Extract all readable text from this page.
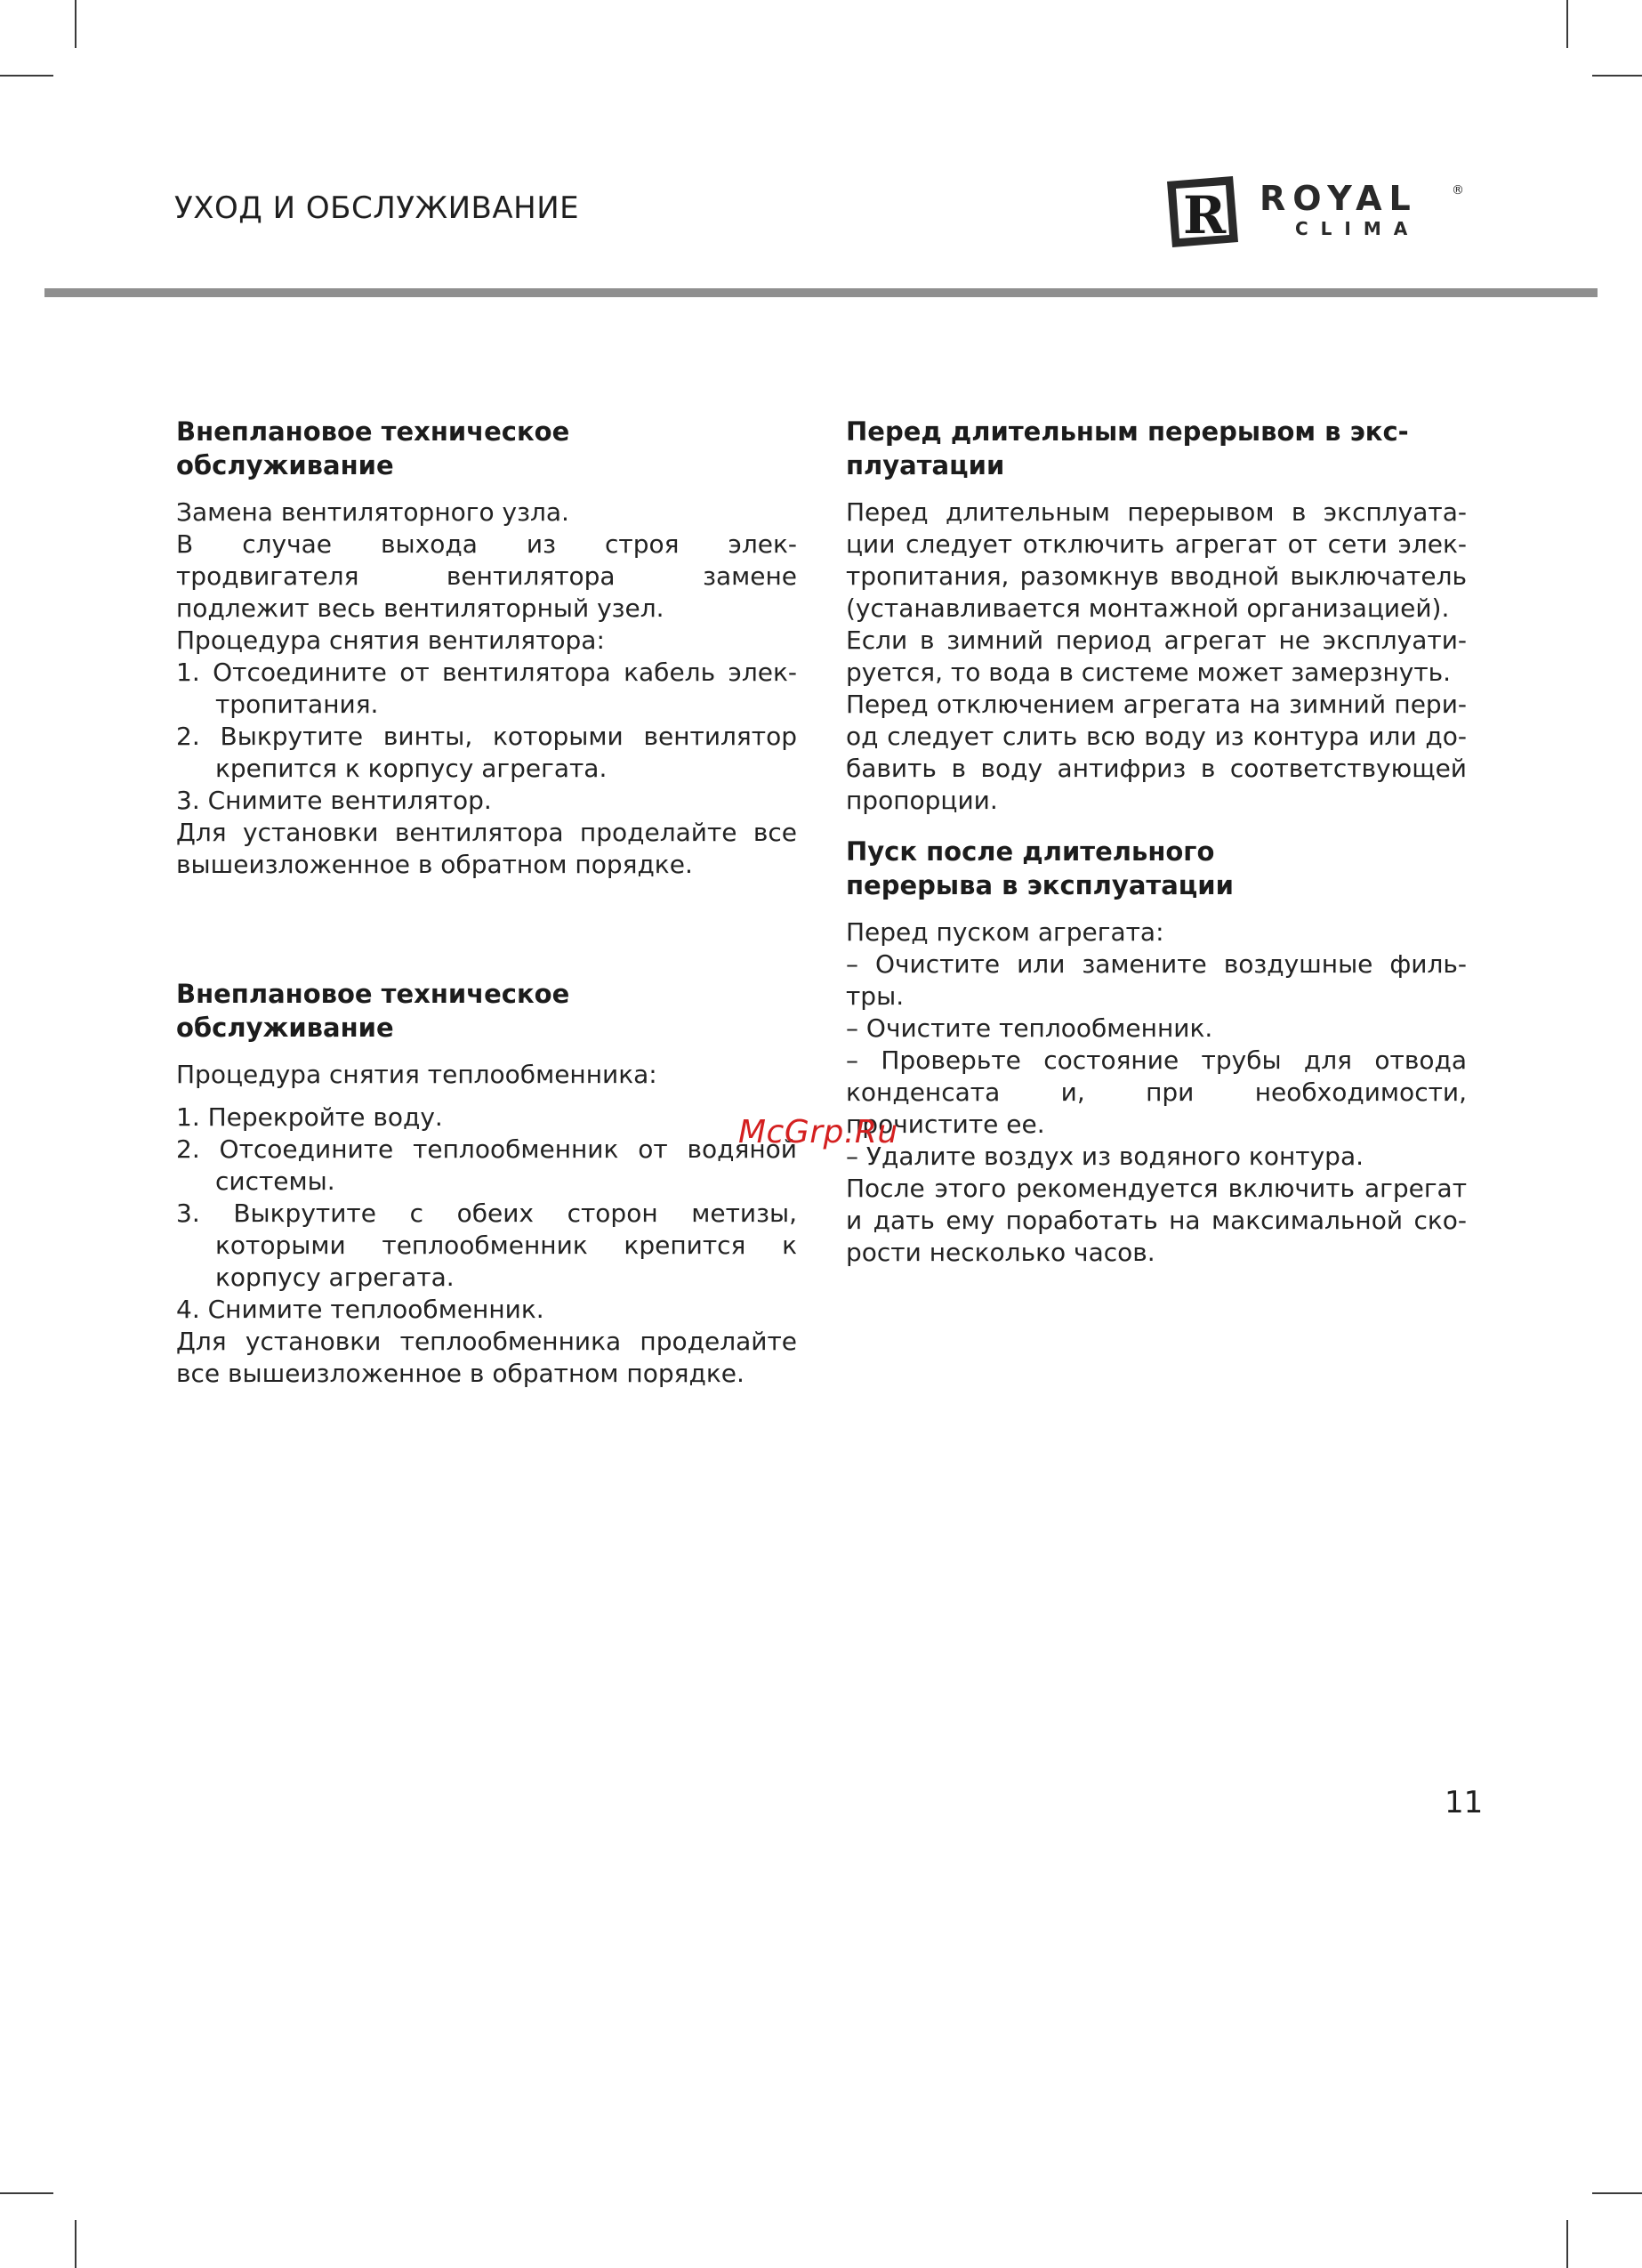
УХОД И ОБСЛУЖИВАНИЕ	R ROYAL	®
CLIMA
Внеплановое техническое
обслуживание

Замена вентиляторного узла.

В случае выхода из строя элек-

тродвигателя вентилятора замене

подлежит весь вентиляторный узел.

Процедура снятия вентилятора:

1. Отсоедините от вентилятора кабель электропитания.

2. Выкрутите винты, которыми вентилятор крепится к корпусу агрегата.

3. Снимите вентилятор.

Для установки вентилятора проделайте все вышеизложенное в обратном порядке.

Внеплановое техническое
обслуживание

Процедура снятия теплообменника:

1. Перекройте воду.

2. Отсоедините теплообменник от водяной системы.

3. Выкрутите с обеих сторон метизы, которыми теплообменник крепится к корпусу агрегата.

4. Снимите теплообменник.

Для установки теплообменника проделайте все вышеизложенное в обратном порядке.

Перед длительным перерывом в экс-
плуатации

Перед длительным перерывом в эксплуатации следует отключить агрегат от сети электропитания, разомкнув вводной выключатель (устанавливается монтажной организацией).

Если в зимний период агрегат не эксплуатируется, то вода в системе может замерзнуть.

Перед отключением агрегата на зимний период следует слить всю воду из контура или добавить в воду антифриз в соответствующей пропорции.

Пуск после длительного
перерыва в эксплуатации

Перед пуском агрегата:

– Очистите или замените воздушные фильтры.

– Очистите теплообменник.

– Проверьте состояние трубы для отвода конденсата и, при необходимости, прочистите ее.

– Удалите воздух из водяного контура.

После этого рекомендуется включить агрегат и дать ему поработать на максимальной скорости несколько часов.

McGrp.Ru
11
